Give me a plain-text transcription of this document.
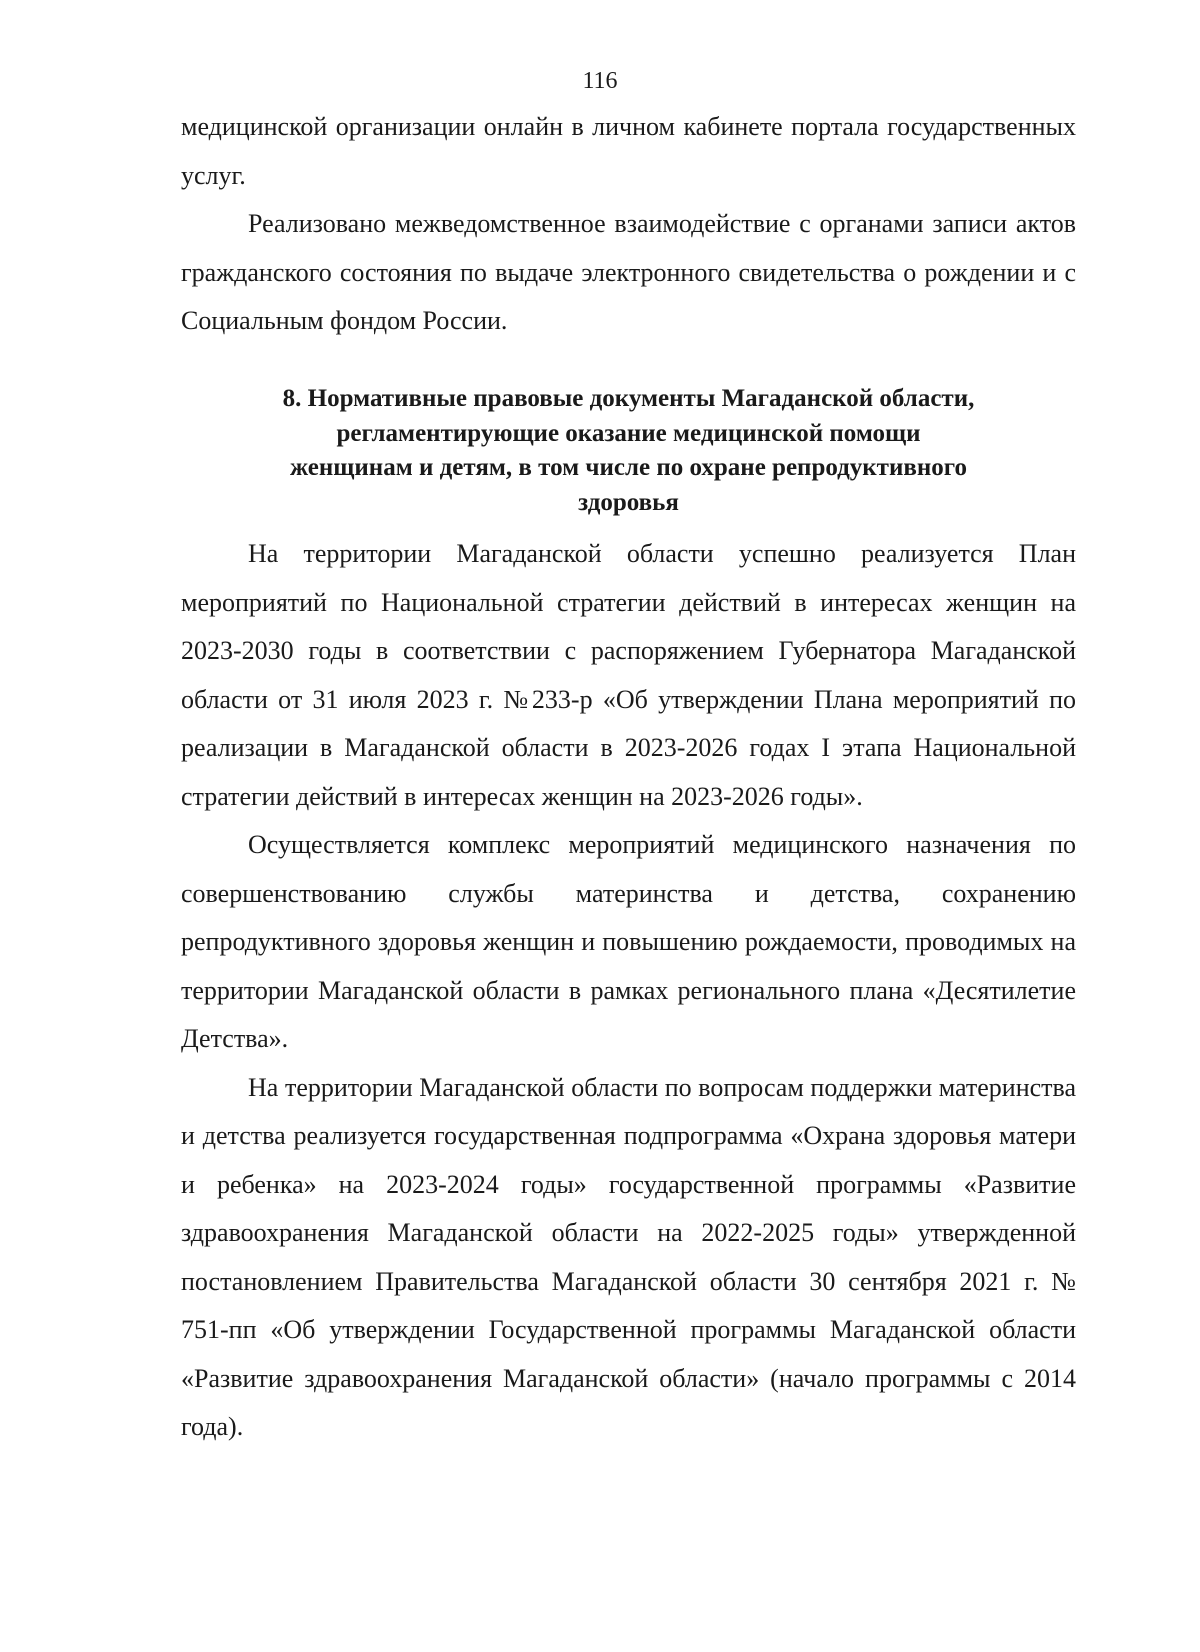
116

медицинской организации онлайн в личном кабинете портала государственных услуг.

Реализовано межведомственное взаимодействие с органами записи актов гражданского состояния по выдаче электронного свидетельства о рождении и с Социальным фондом России.

8. Нормативные правовые документы Магаданской области,
регламентирующие оказание медицинской помощи
женщинам и детям, в том числе по охране репродуктивного
здоровья

На территории Магаданской области успешно реализуется План мероприятий по Национальной стратегии действий в интересах женщин на 2023-2030 годы в соответствии с распоряжением Губернатора Магаданской области от 31 июля 2023 г. №233-р «Об утверждении Плана мероприятий по реализации в Магаданской области в 2023-2026 годах I этапа Национальной стратегии действий в интересах женщин на 2023-2026 годы».

Осуществляется комплекс мероприятий медицинского назначения по совершенствованию службы материнства и детства, сохранению репродуктивного здоровья женщин и повышению рождаемости, проводимых на территории Магаданской области в рамках регионального плана «Десятилетие Детства».

На территории Магаданской области по вопросам поддержки материнства и детства реализуется государственная подпрограмма «Охрана здоровья матери и ребенка» на 2023-2024 годы» государственной программы «Развитие здравоохранения Магаданской области на 2022-2025 годы» утвержденной постановлением Правительства Магаданской области 30 сентября 2021 г. № 751-пп «Об утверждении Государственной программы Магаданской области «Развитие здравоохранения Магаданской области» (начало программы с 2014 года).
